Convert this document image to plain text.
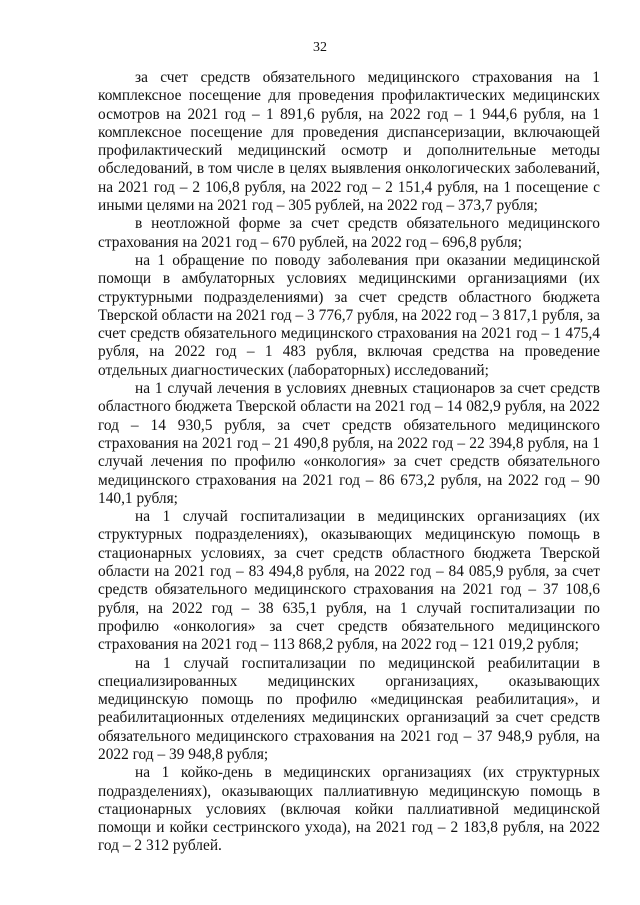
32

за счет средств обязательного медицинского страхования на 1 комплексное посещение для проведения профилактических медицинских осмотров на 2021 год – 1 891,6 рубля, на 2022 год – 1 944,6 рубля, на 1 комплексное посещение для проведения диспансеризации, включающей профилактический медицинский осмотр и дополнительные методы обследований, в том числе в целях выявления онкологических заболеваний, на 2021 год – 2 106,8 рубля, на 2022 год – 2 151,4 рубля, на 1 посещение с иными целями на 2021 год – 305 рублей, на 2022 год – 373,7 рубля;

в неотложной форме за счет средств обязательного медицинского страхования на 2021 год – 670 рублей, на 2022 год – 696,8 рубля;

на 1 обращение по поводу заболевания при оказании медицинской помощи в амбулаторных условиях медицинскими организациями (их структурными подразделениями) за счет средств областного бюджета Тверской области на 2021 год – 3 776,7 рубля, на 2022 год – 3 817,1 рубля, за счет средств обязательного медицинского страхования на 2021 год – 1 475,4 рубля, на 2022 год – 1 483 рубля, включая средства на проведение отдельных диагностических (лабораторных) исследований;

на 1 случай лечения в условиях дневных стационаров за счет средств областного бюджета Тверской области на 2021 год – 14 082,9 рубля, на 2022 год – 14 930,5 рубля, за счет средств обязательного медицинского страхования на 2021 год – 21 490,8 рубля, на 2022 год – 22 394,8 рубля, на 1 случай лечения по профилю «онкология» за счет средств обязательного медицинского страхования на 2021 год – 86 673,2 рубля, на 2022 год – 90 140,1 рубля;

на 1 случай госпитализации в медицинских организациях (их структурных подразделениях), оказывающих медицинскую помощь в стационарных условиях, за счет средств областного бюджета Тверской области на 2021 год – 83 494,8 рубля, на 2022 год – 84 085,9 рубля, за счет средств обязательного медицинского страхования на 2021 год – 37 108,6 рубля, на 2022 год – 38 635,1 рубля, на 1 случай госпитализации по профилю «онкология» за счет средств обязательного медицинского страхования на 2021 год – 113 868,2 рубля, на 2022 год – 121 019,2 рубля;

на 1 случай госпитализации по медицинской реабилитации в специализированных медицинских организациях, оказывающих медицинскую помощь по профилю «медицинская реабилитация», и реабилитационных отделениях медицинских организаций за счет средств обязательного медицинского страхования на 2021 год – 37 948,9 рубля, на 2022 год – 39 948,8 рубля;

на 1 койко-день в медицинских организациях (их структурных подразделениях), оказывающих паллиативную медицинскую помощь в стационарных условиях (включая койки паллиативной медицинской помощи и койки сестринского ухода), на 2021 год – 2 183,8 рубля, на 2022 год – 2 312 рублей.
